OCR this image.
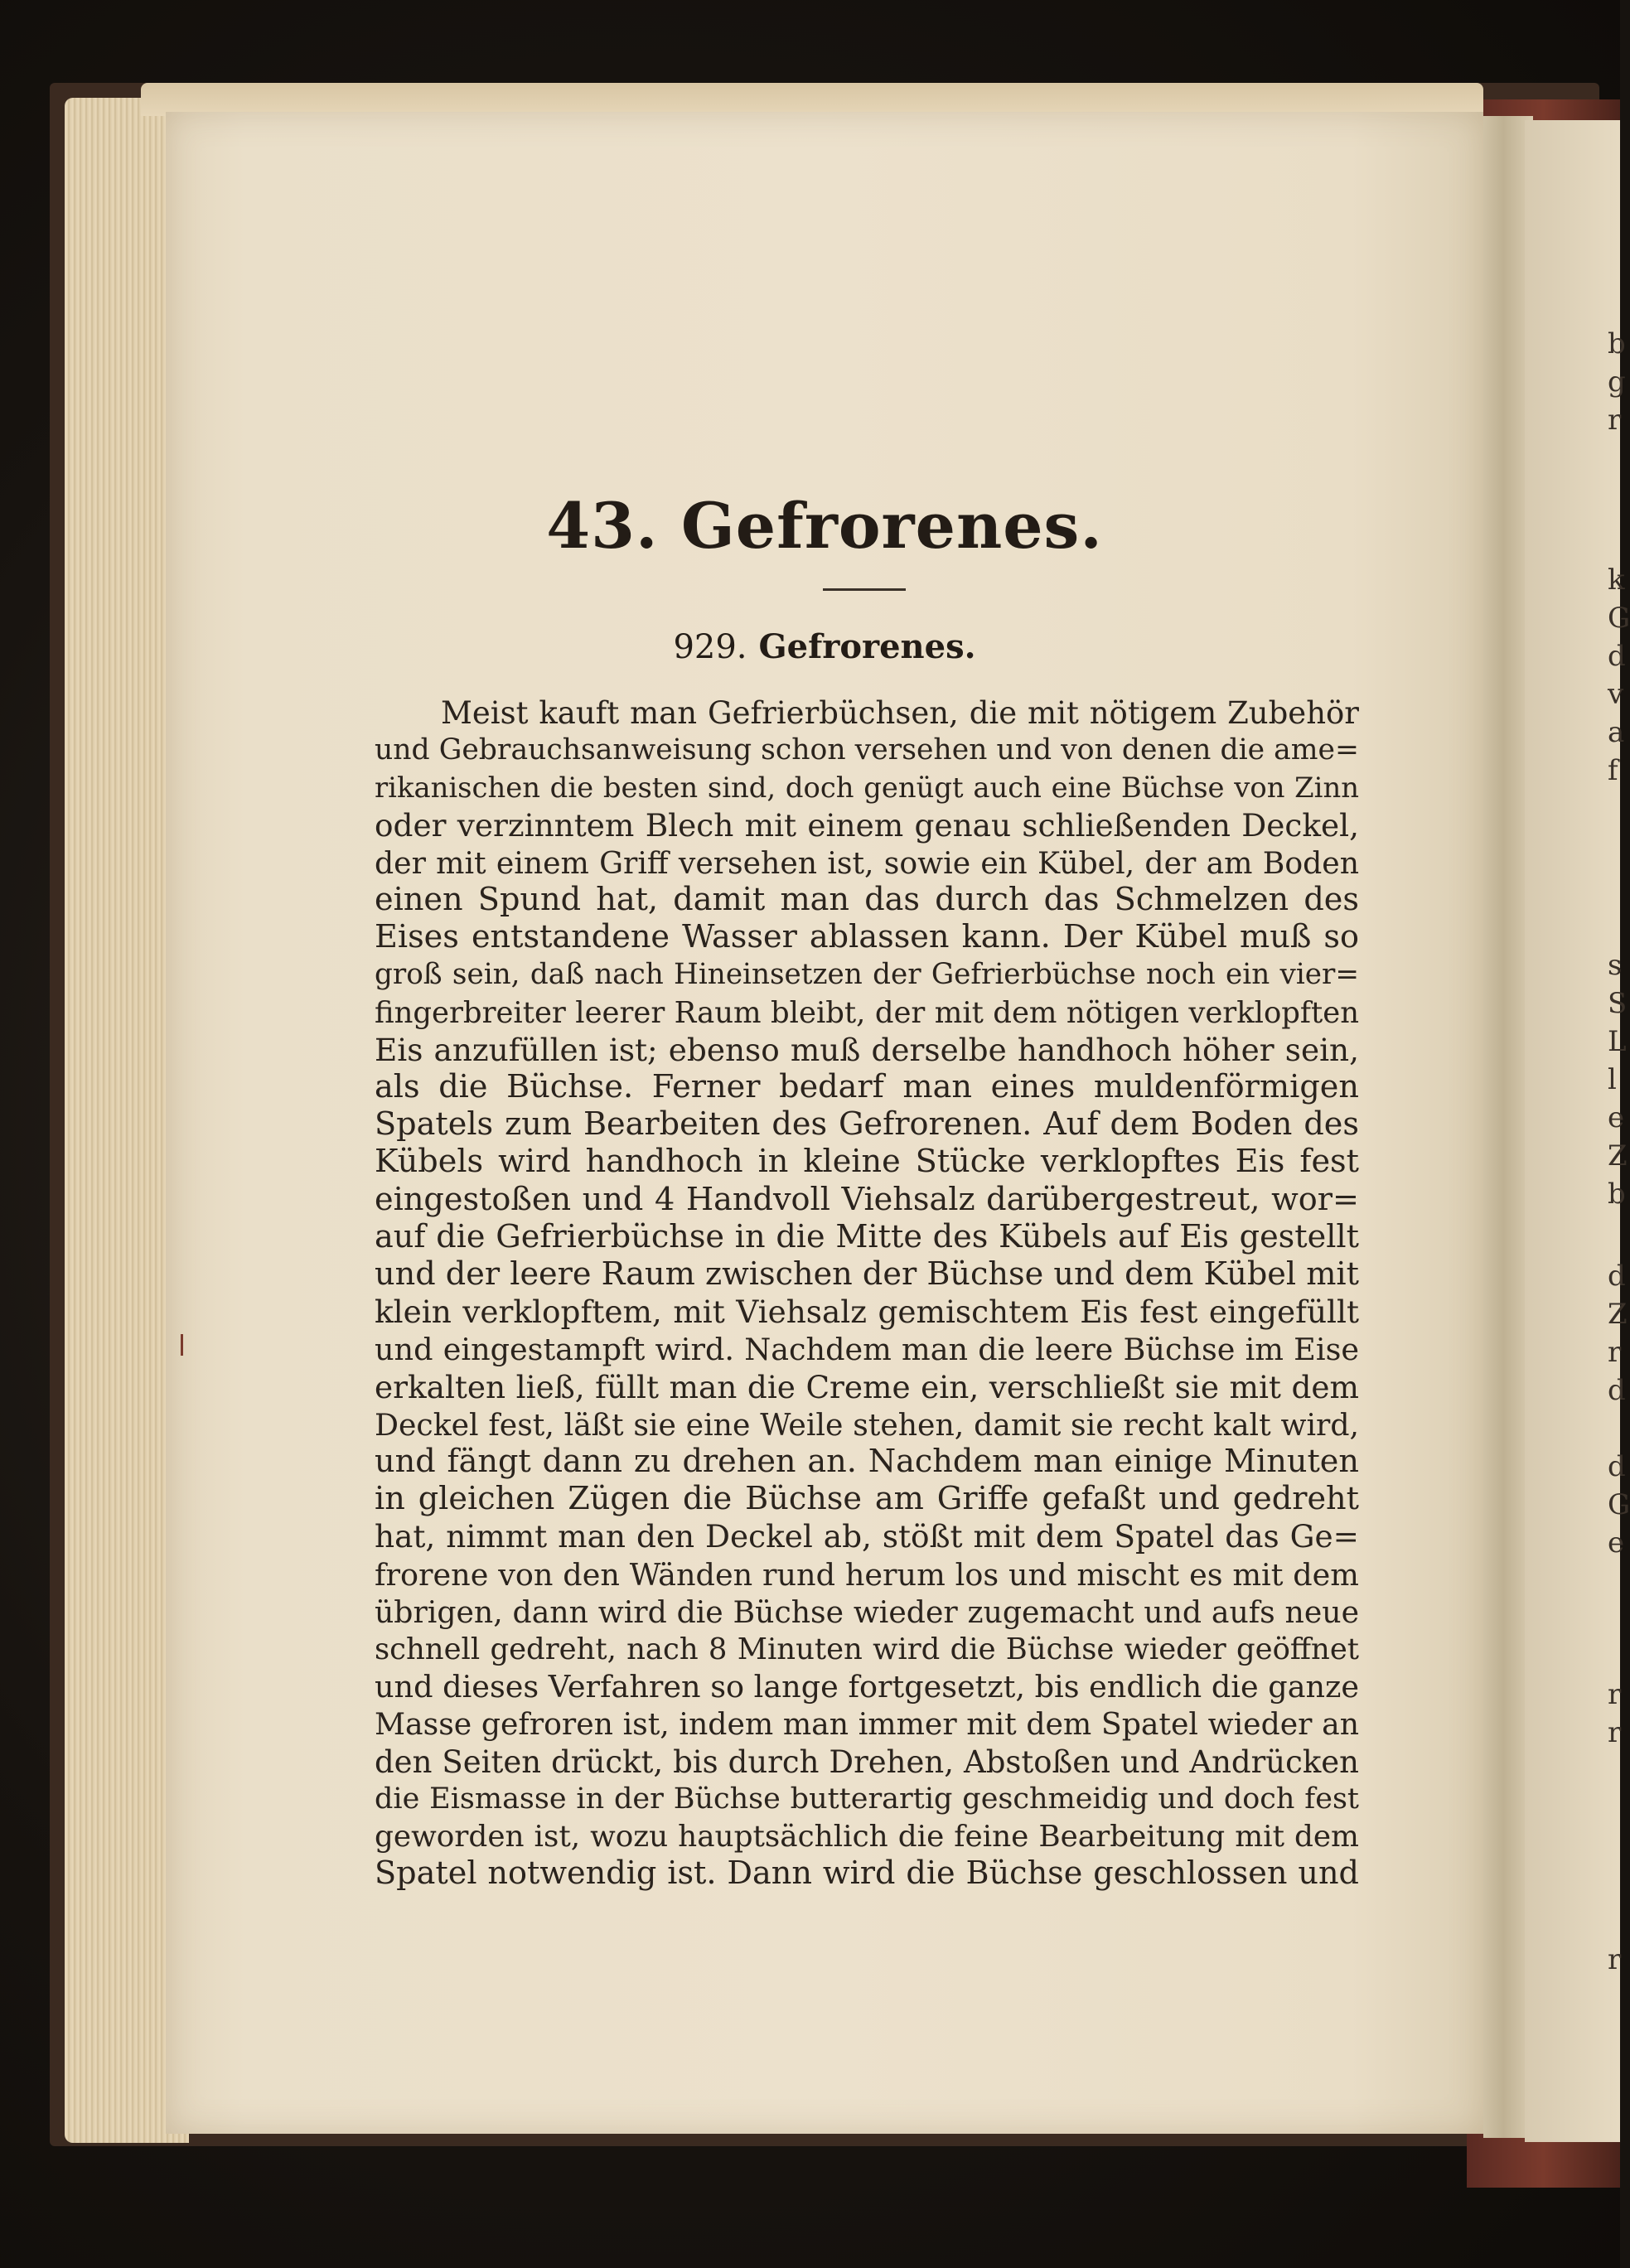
b
g
r
k
G
d
v
a
f
s
S
L
l
e
Z
b
d
Z
r
d
d
G
e
r
r
r
43. Gefrorenes.
929. Gefrorenes.
Meist kauft man Gefrierbüchsen, die mit nötigem Zubehör
und Gebrauchsanweisung schon versehen und von denen die ame=
rikanischen die besten sind, doch genügt auch eine Büchse von Zinn
oder verzinntem Blech mit einem genau schließenden Deckel,
der mit einem Griff versehen ist, sowie ein Kübel, der am Boden
einen Spund hat, damit man das durch das Schmelzen des
Eises entstandene Wasser ablassen kann. Der Kübel muß so
groß sein, daß nach Hineinsetzen der Gefrierbüchse noch ein vier=
fingerbreiter leerer Raum bleibt, der mit dem nötigen verklopften
Eis anzufüllen ist; ebenso muß derselbe handhoch höher sein,
als die Büchse. Ferner bedarf man eines muldenförmigen
Spatels zum Bearbeiten des Gefrorenen. Auf dem Boden des
Kübels wird handhoch in kleine Stücke verklopftes Eis fest
eingestoßen und 4 Handvoll Viehsalz darübergestreut, wor=
auf die Gefrierbüchse in die Mitte des Kübels auf Eis gestellt
und der leere Raum zwischen der Büchse und dem Kübel mit
klein verklopftem, mit Viehsalz gemischtem Eis fest eingefüllt
und eingestampft wird. Nachdem man die leere Büchse im Eise
erkalten ließ, füllt man die Creme ein, verschließt sie mit dem
Deckel fest, läßt sie eine Weile stehen, damit sie recht kalt wird,
und fängt dann zu drehen an. Nachdem man einige Minuten
in gleichen Zügen die Büchse am Griffe gefaßt und gedreht
hat, nimmt man den Deckel ab, stößt mit dem Spatel das Ge=
frorene von den Wänden rund herum los und mischt es mit dem
übrigen, dann wird die Büchse wieder zugemacht und aufs neue
schnell gedreht, nach 8 Minuten wird die Büchse wieder geöffnet
und dieses Verfahren so lange fortgesetzt, bis endlich die ganze
Masse gefroren ist, indem man immer mit dem Spatel wieder an
den Seiten drückt, bis durch Drehen, Abstoßen und Andrücken
die Eismasse in der Büchse butterartig geschmeidig und doch fest
geworden ist, wozu hauptsächlich die feine Bearbeitung mit dem
Spatel notwendig ist. Dann wird die Büchse geschlossen und
